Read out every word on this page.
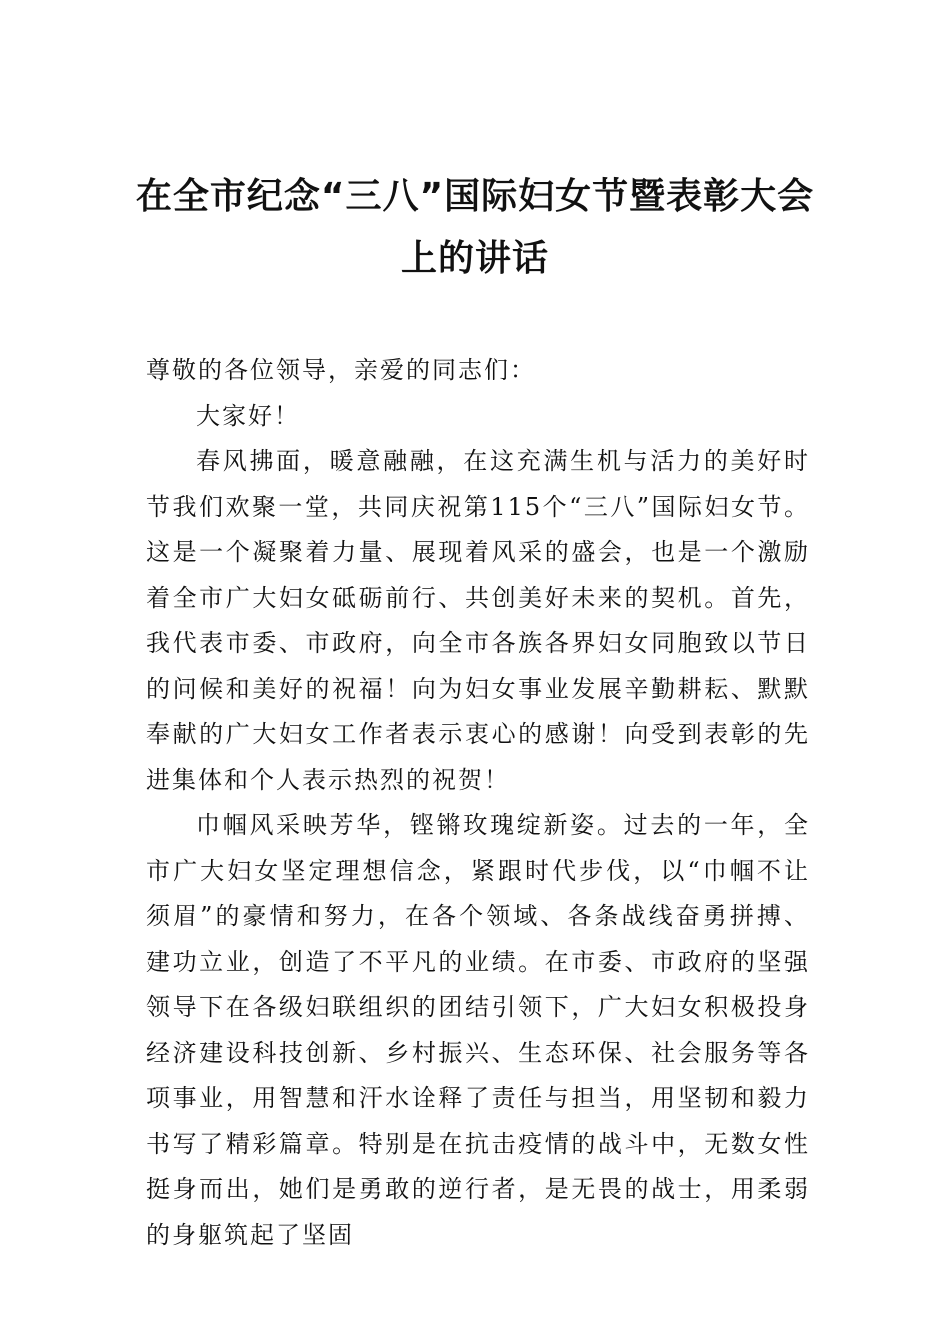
在全市纪念“三八”国际妇女节暨表彰大会上的讲话

尊敬的各位领导，亲爱的同志们：

大家好！

春风拂面，暖意融融，在这充满生机与活力的美好时节我们欢聚一堂，共同庆祝第115个“三八”国际妇女节。这是一个凝聚着力量、展现着风采的盛会，也是一个激励着全市广大妇女砥砺前行、共创美好未来的契机。首先，我代表市委、市政府，向全市各族各界妇女同胞致以节日的问候和美好的祝福！向为妇女事业发展辛勤耕耘、默默奉献的广大妇女工作者表示衷心的感谢！向受到表彰的先进集体和个人表示热烈的祝贺！

巾帼风采映芳华，铿锵玫瑰绽新姿。过去的一年，全市广大妇女坚定理想信念，紧跟时代步伐，以“巾帼不让须眉”的豪情和努力，在各个领域、各条战线奋勇拼搏、建功立业，创造了不平凡的业绩。在市委、市政府的坚强领导下在各级妇联组织的团结引领下，广大妇女积极投身经济建设科技创新、乡村振兴、生态环保、社会服务等各项事业，用智慧和汗水诠释了责任与担当，用坚韧和毅力书写了精彩篇章。特别是在抗击疫情的战斗中，无数女性挺身而出，她们是勇敢的逆行者，是无畏的战士，用柔弱的身躯筑起了坚固
